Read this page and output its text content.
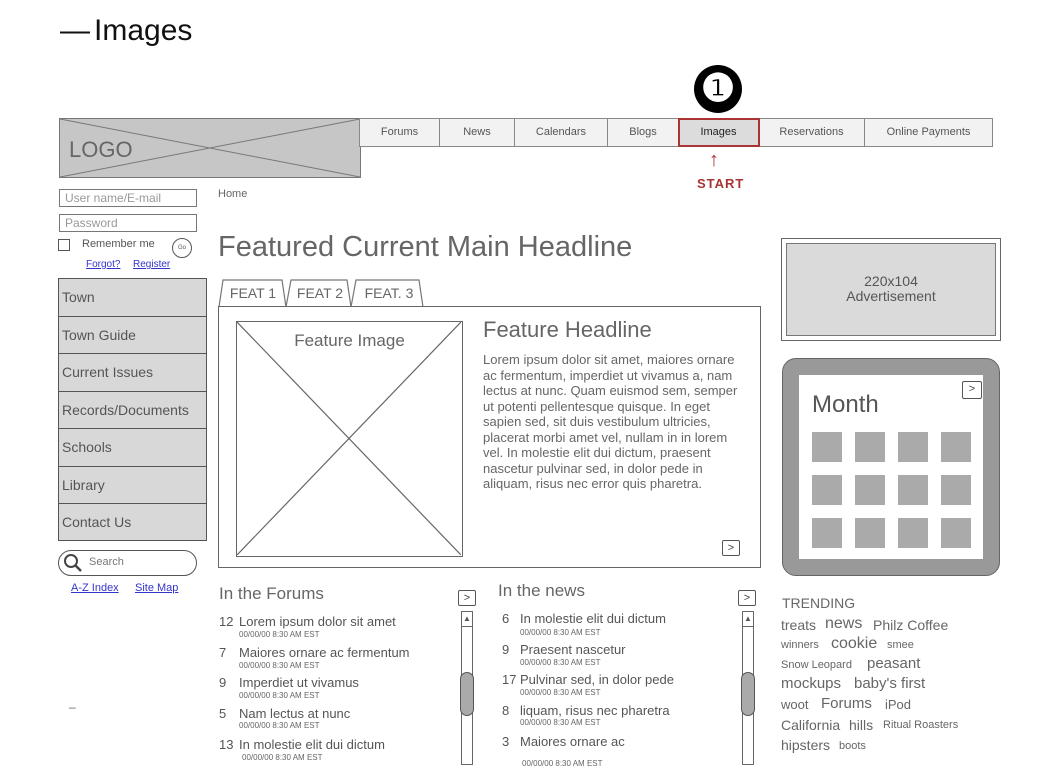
— Images
❶
LOGO
Forums	News	Calendars	Blogs	Images	Reservations	Online Payments
↑
START
User name/E-mail
Password
Remember me	Go
Forgot? Register
Town
Town Guide
Current Issues
Records/Documents
Schools
Library
Contact Us
Search
A-Z Index Site Map
–
Home
Featured Current Main Headline
FEAT 1	FEAT 2	FEAT. 3
Feature Image	Feature Headline
Lorem ipsum dolor sit amet, maiores ornare ac fermentum, imperdiet ut vivamus a, nam lectus at nunc. Quam euismod sem, semper ut potenti pellentesque quisque. In eget sapien sed, sit duis vestibulum ultricies, placerat morbi amet vel, nullam in in lorem vel. In molestie elit dui dictum, praesent nascetur pulvinar sed, in dolor pede in aliquam, risus nec error quis pharetra.
>
220x104
Advertisement
Month
>
In the Forums	>
▲
12 Lorem ipsum dolor sit amet
00/00/00 8:30 AM EST
7 Maiores ornare ac fermentum
00/00/00 8:30 AM EST
9 Imperdiet ut vivamus
00/00/00 8:30 AM EST
5 Nam lectus at nunc
00/00/00 8:30 AM EST
13 In molestie elit dui dictum
00/00/00 8:30 AM EST
In the news	>
▲
6 In molestie elit dui dictum
00/00/00 8:30 AM EST
9 Praesent nascetur
00/00/00 8:30 AM EST
17 Pulvinar sed, in dolor pede
00/00/00 8:30 AM EST
8 liquam, risus nec pharetra
00/00/00 8:30 AM EST
3 Maiores ornare ac
00/00/00 8:30 AM EST
TRENDING
treats news Philz Coffee
winners cookie smee
Snow Leopard peasant
mockups baby's first
woot Forums iPod
California hills Ritual Roasters
hipsters boots
